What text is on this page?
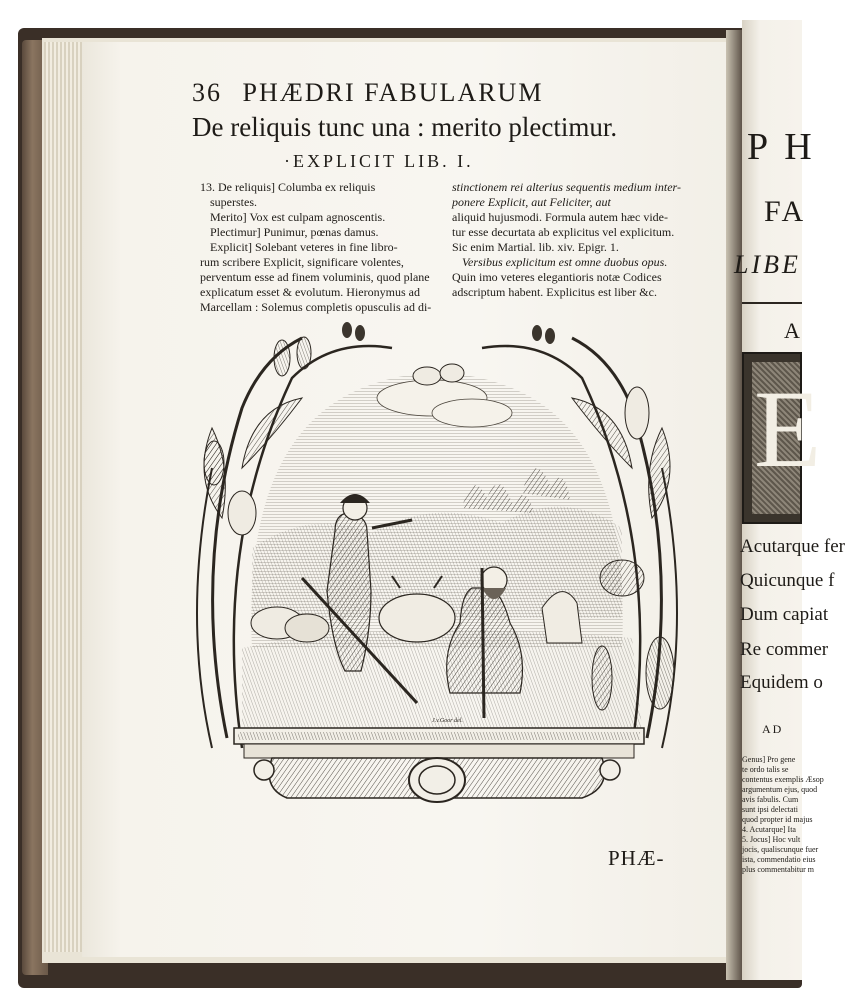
36 PHÆDRI FABULARUM
De reliquis tunc una : merito plectimur.
·EXPLICIT LIB. I.
13. De reliquis] Columba ex reliquis
superstes.
Merito] Vox est culpam agnoscentis.
Plectimur] Punimur, pœnas damus.
Explicit] Solebant veteres in fine libro-
rum scribere Explicit, significare volentes,
perventum esse ad finem voluminis, quod plane
explicatum esset & evolutum. Hieronymus ad
Marcellam : Solemus completis opusculis ad di-
stinctionem rei alterius sequentis medium inter-
ponere Explicit, aut Feliciter, aut
aliquid hujusmodi. Formula autem hæc vide-
tur esse decurtata ab explicitus vel explicitum.
Sic enim Martial. lib. xiv. Epigr. 1.
Versibus explicitum est omne duobus opus.
Quin imo veteres elegantioris notæ Codices
adscriptum habent. Explicitus est liber &c.
J.v.Goor del.
PHÆ-
P H
FA
LIBE
A
E
Acutarque fer
Quicunque f
Dum capiat
Re commer
Equidem o
AD
Genus] Pro gene
te ordo talis se
contentus exemplis Æsop
argumentum ejus, quod
avis fabulis. Cum
sunt ipsi delectati
quod propter id majus
4. Acutarque] Ita
5. Jocus] Hoc vult
jocis, qualiscunque fuer
ista, commendatio eius
plus commentabitur m
